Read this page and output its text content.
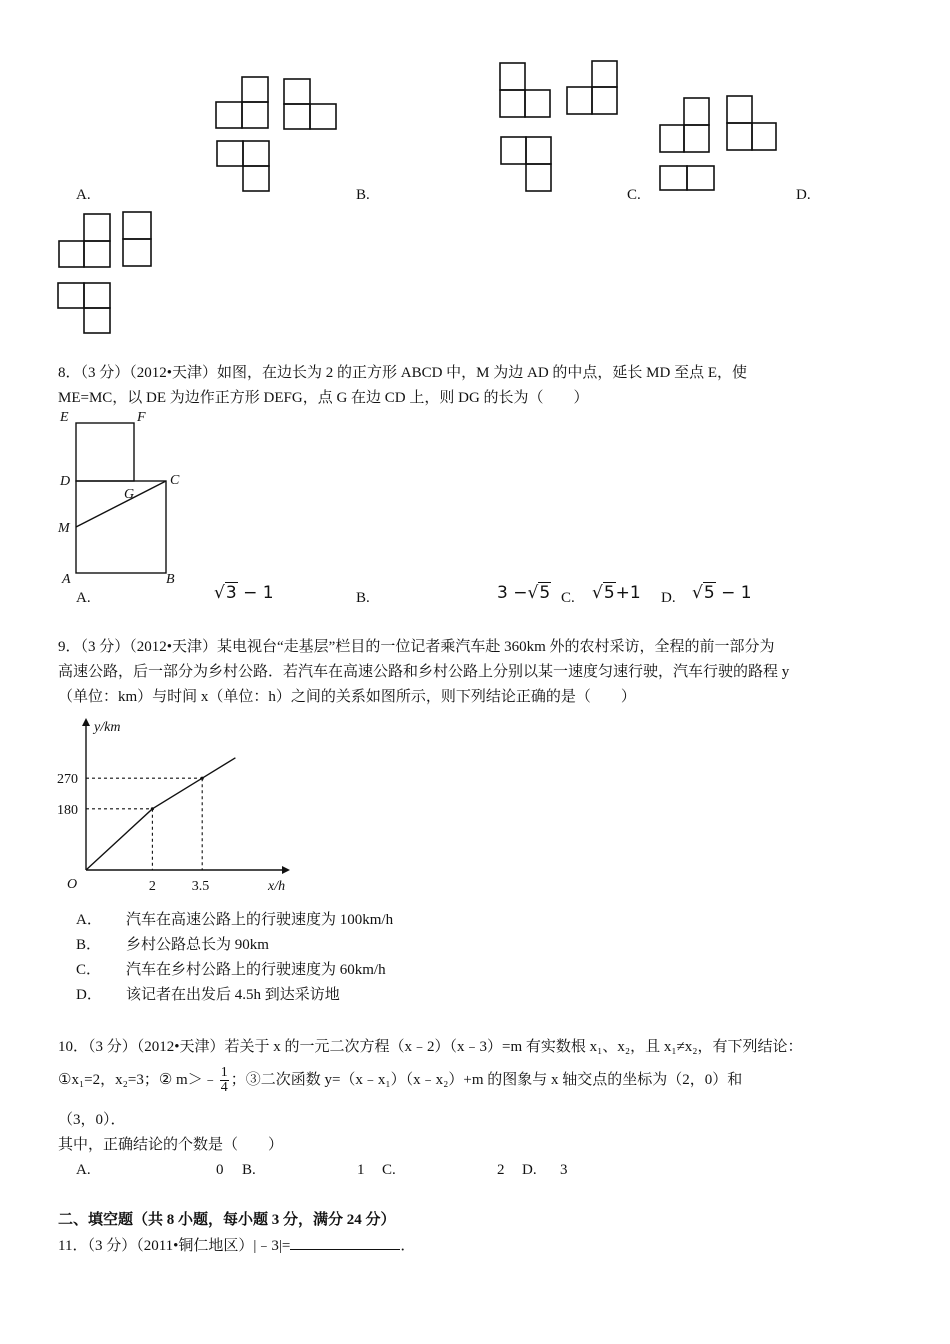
A.	B.	C.	D.
8．（3 分）（2012•天津）如图，在边长为 2 的正方形 ABCD 中，M 为边 AD 的中点，延长 MD 至点 E，使
ME=MC，以 DE 为边作正方形 DEFG，点 G 在边 CD 上，则 DG 的长为（　　）
E	F
D	C
G
M
A	B
A.	√3 − 1	B.	3 −√5 C. √5+1 D. √5 − 1
9．（3 分）（2012•天津）某电视台“走基层”栏目的一位记者乘汽车赴 360km 外的农村采访，全程的前一部分为
高速公路，后一部分为乡村公路．若汽车在高速公路和乡村公路上分别以某一速度匀速行驶，汽车行驶的路程 y
（单位：km）与时间 x（单位：h）之间的关系如图所示，则下列结论正确的是（　　）
y/km
x/h
O	2	3.5
180
270
A． 汽车在高速公路上的行驶速度为 100km/h
B． 乡村公路总长为 90km
C． 汽车在乡村公路上的行驶速度为 60km/h
D． 该记者在出发后 4.5h 到达采访地
10．（3 分）（2012•天津）若关于 x 的一元二次方程（x﹣2）（x﹣3）=m 有实数根 x₁、x₂，且 x₁≠x₂，有下列结论：
①x₁=2，x₂=3；② m＞﹣ $\frac{1}{4}$ ；③二次函数 y=（x﹣x₁）（x﹣x₂）+m 的图象与 x 轴交点的坐标为（2，0）和
（3，0）．
其中，正确结论的个数是（　　）
A.	0 B.	1 C.	2 D. 3
二、填空题（共 8 小题，每小题 3 分，满分 24 分）
11．（3 分）（2011•铜仁地区）|﹣3|=	．
